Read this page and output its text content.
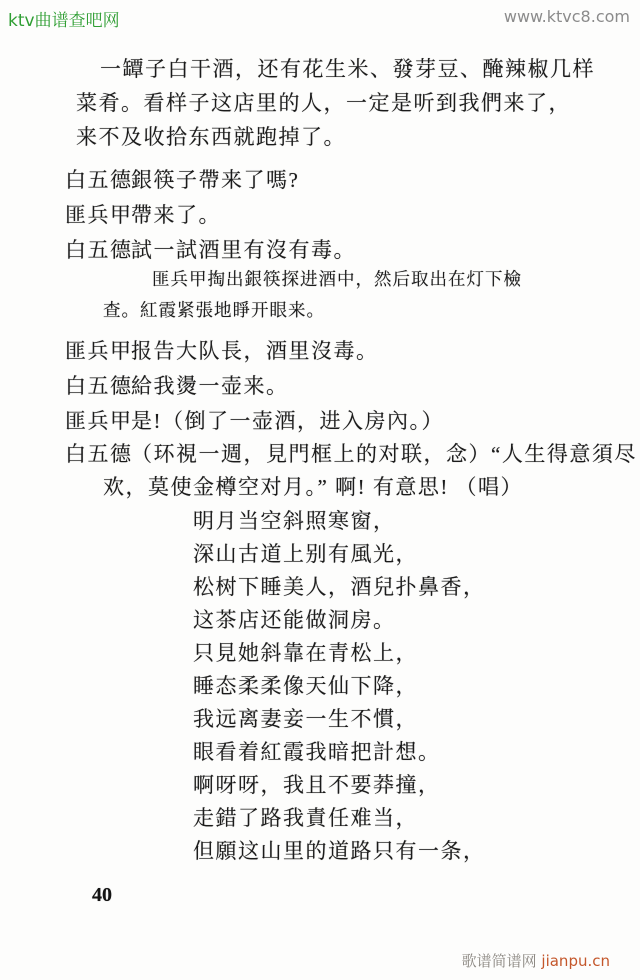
ktv曲谱查吧网	www.ktvc8.com
一罈子白干酒，还有花生米、發芽豆、醃辣椒几样
菜肴。看样子这店里的人，一定是听到我們来了，
来不及收拾东西就跑掉了。
白五德
銀筷子帶来了嗎?
匪兵甲
帶来了。
白五德
試一試酒里有沒有毒。
匪兵甲掏出銀筷探进酒中，然后取出在灯下檢
查。紅霞紧張地睜开眼来。
匪兵甲
报告大队長，酒里沒毒。
白五德
給我燙一壶来。
匪兵甲
是!（倒了一壶酒，进入房內。）
白五德
（环視一週，見門框上的对联，念）“人生得意須尽
欢，莫使金樽空对月。” 啊! 有意思! （唱）
明月当空斜照寒窗，
深山古道上别有風光，
松树下睡美人，酒兒扑鼻香，
这茶店还能做洞房。
只見她斜靠在青松上，
睡态柔柔像天仙下降，
我远离妻妾一生不慣，
眼看着紅霞我暗把計想。
啊呀呀，我且不要莽撞，
走錯了路我責任难当，
但願这山里的道路只有一条，
40
歌谱简谱网 jianpu.cn
